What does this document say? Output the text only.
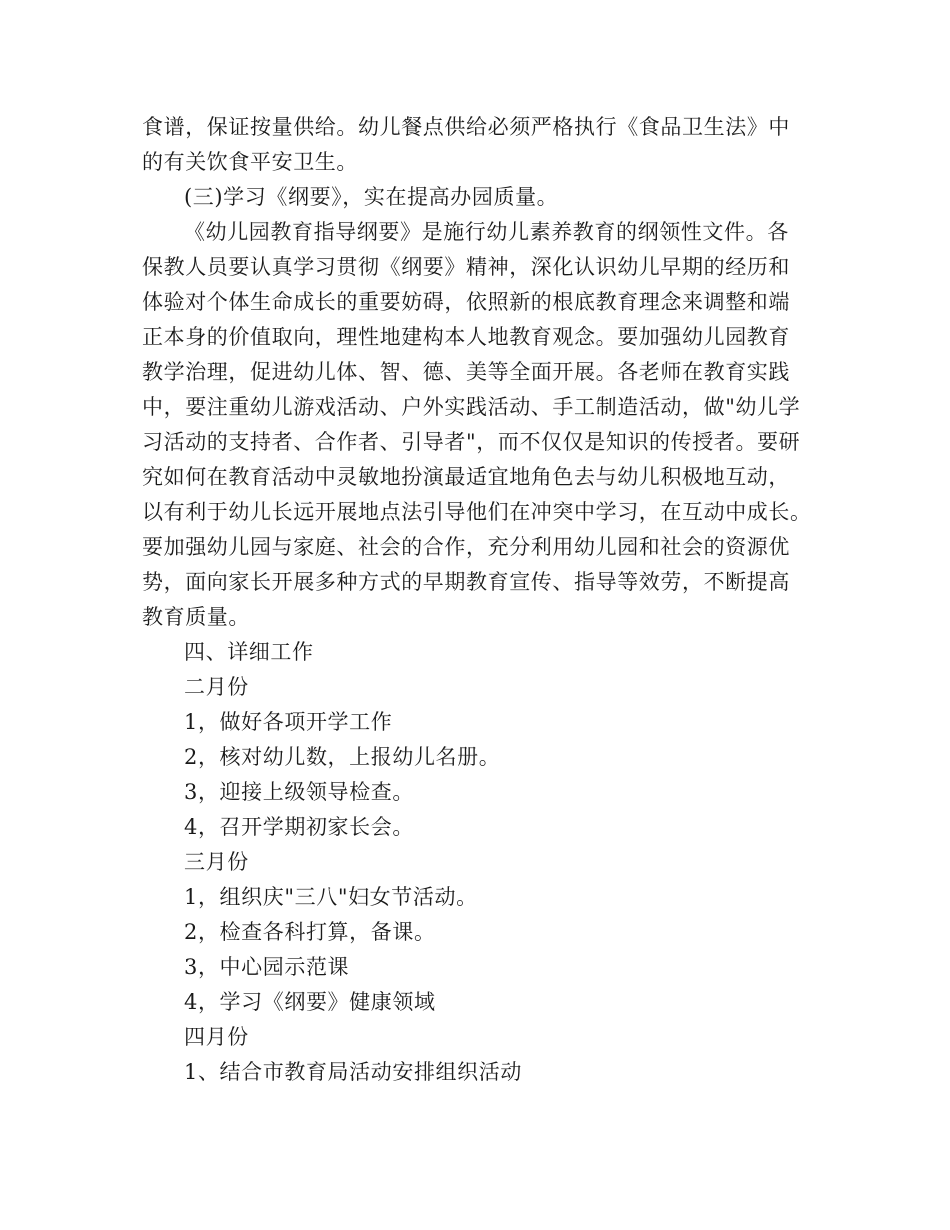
食谱，保证按量供给。幼儿餐点供给必须严格执行《食品卫生法》中
的有关饮食平安卫生。
(三)学习《纲要》，实在提高办园质量。
《幼儿园教育指导纲要》是施行幼儿素养教育的纲领性文件。各
保教人员要认真学习贯彻《纲要》精神，深化认识幼儿早期的经历和
体验对个体生命成长的重要妨碍，依照新的根底教育理念来调整和端
正本身的价值取向，理性地建构本人地教育观念。要加强幼儿园教育
教学治理，促进幼儿体、智、德、美等全面开展。各老师在教育实践
中，要注重幼儿游戏活动、户外实践活动、手工制造活动，做"幼儿学
习活动的支持者、合作者、引导者"，而不仅仅是知识的传授者。要研
究如何在教育活动中灵敏地扮演最适宜地角色去与幼儿积极地互动，
以有利于幼儿长远开展地点法引导他们在冲突中学习，在互动中成长。
要加强幼儿园与家庭、社会的合作，充分利用幼儿园和社会的资源优
势，面向家长开展多种方式的早期教育宣传、指导等效劳，不断提高
教育质量。
四、详细工作
二月份
1，做好各项开学工作
2，核对幼儿数，上报幼儿名册。
3，迎接上级领导检查。
4，召开学期初家长会。
三月份
1，组织庆"三八"妇女节活动。
2，检查各科打算，备课。
3，中心园示范课
4，学习《纲要》健康领域
四月份
1、结合市教育局活动安排组织活动
